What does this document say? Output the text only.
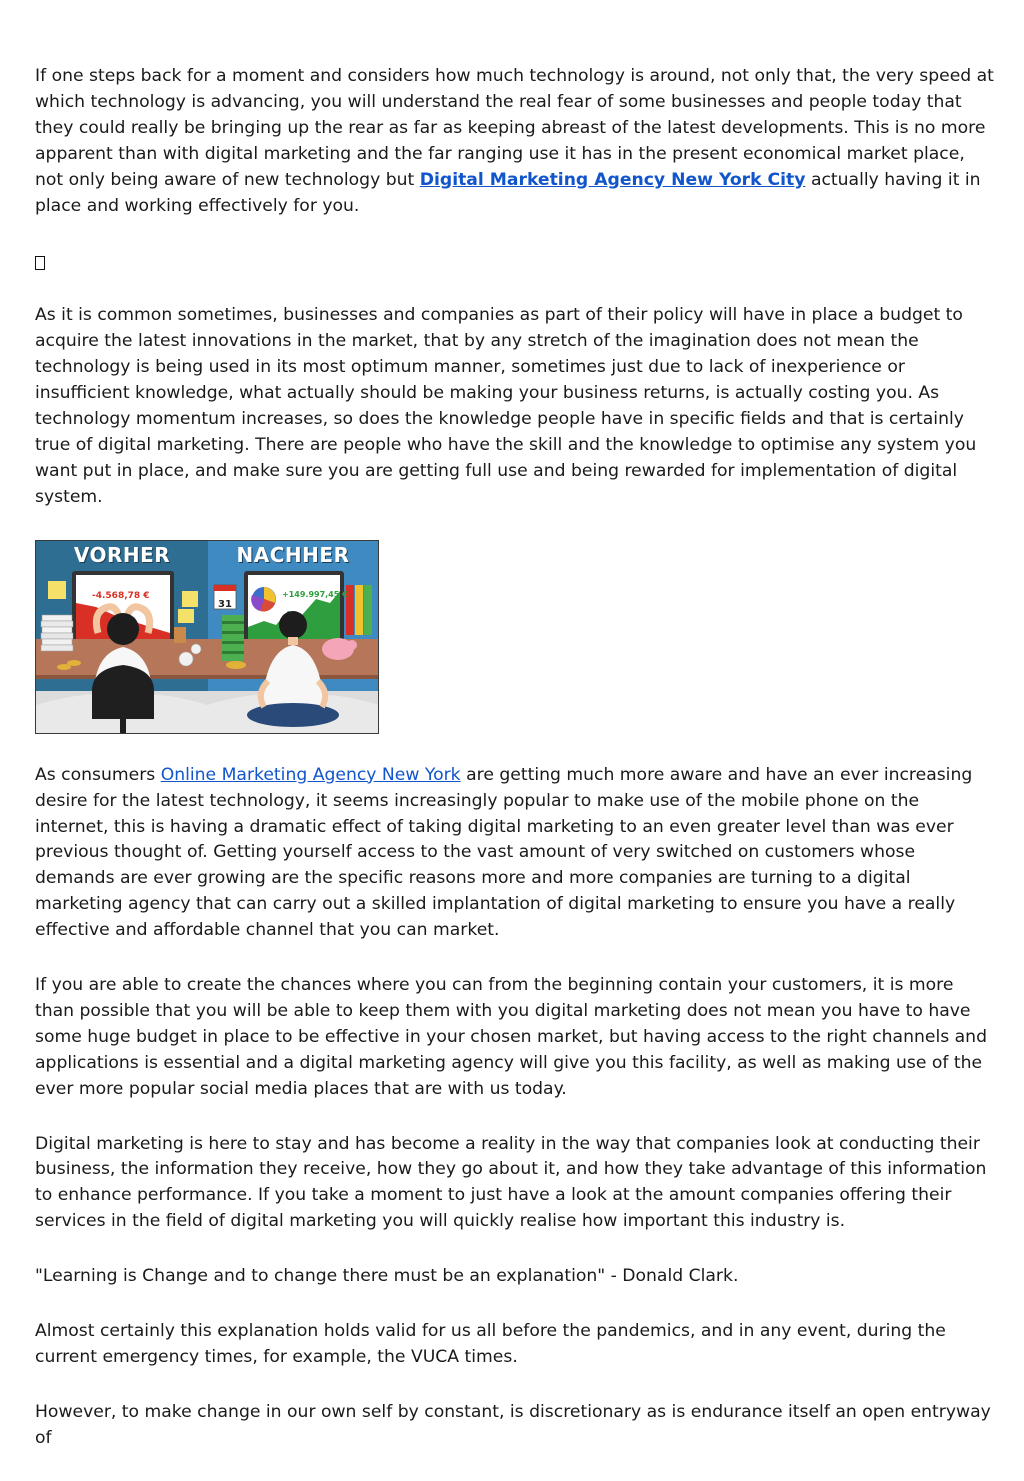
If one steps back for a moment and considers how much technology is around, not only that, the very speed at which technology is advancing, you will understand the real fear of some businesses and people today that they could really be bringing up the rear as far as keeping abreast of the latest developments. This is no more apparent than with digital marketing and the far ranging use it has in the present economical market place, not only being aware of new technology but Digital Marketing Agency New York City actually having it in place and working effectively for you.

As it is common sometimes, businesses and companies as part of their policy will have in place a budget to acquire the latest innovations in the market, that by any stretch of the imagination does not mean the technology is being used in its most optimum manner, sometimes just due to lack of inexperience or insufficient knowledge, what actually should be making your business returns, is actually costing you. As technology momentum increases, so does the knowledge people have in specific fields and that is certainly true of digital marketing. There are people who have the skill and the knowledge to optimise any system you want put in place, and make sure you are getting full use and being rewarded for implementation of digital system.

VORHER
-4.568,78 €
NACHHER
+149.997,45 €
31

As consumers Online Marketing Agency New York are getting much more aware and have an ever increasing desire for the latest technology, it seems increasingly popular to make use of the mobile phone on the internet, this is having a dramatic effect of taking digital marketing to an even greater level than was ever previous thought of. Getting yourself access to the vast amount of very switched on customers whose demands are ever growing are the specific reasons more and more companies are turning to a digital marketing agency that can carry out a skilled implantation of digital marketing to ensure you have a really effective and affordable channel that you can market.

If you are able to create the chances where you can from the beginning contain your customers, it is more than possible that you will be able to keep them with you digital marketing does not mean you have to have some huge budget in place to be effective in your chosen market, but having access to the right channels and applications is essential and a digital marketing agency will give you this facility, as well as making use of the ever more popular social media places that are with us today.

Digital marketing is here to stay and has become a reality in the way that companies look at conducting their business, the information they receive, how they go about it, and how they take advantage of this information to enhance performance. If you take a moment to just have a look at the amount companies offering their services in the field of digital marketing you will quickly realise how important this industry is.

"Learning is Change and to change there must be an explanation" - Donald Clark.

Almost certainly this explanation holds valid for us all before the pandemics, and in any event, during the current emergency times, for example, the VUCA times.

However, to make change in our own self by constant, is discretionary as is endurance itself an open entryway of
